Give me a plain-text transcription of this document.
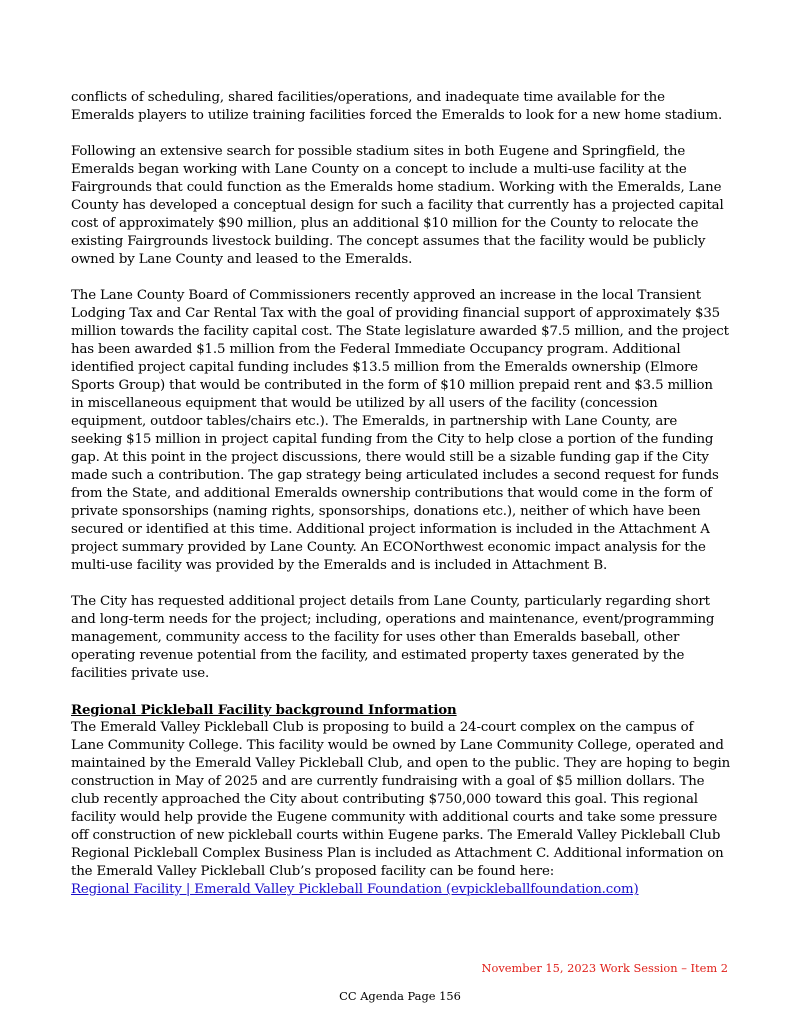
conflicts of scheduling, shared facilities/operations, and inadequate time available for the
Emeralds players to utilize training facilities forced the Emeralds to look for a new home stadium.

Following an extensive search for possible stadium sites in both Eugene and Springfield, the
Emeralds began working with Lane County on a concept to include a multi-use facility at the
Fairgrounds that could function as the Emeralds home stadium. Working with the Emeralds, Lane
County has developed a conceptual design for such a facility that currently has a projected capital
cost of approximately $90 million, plus an additional $10 million for the County to relocate the
existing Fairgrounds livestock building. The concept assumes that the facility would be publicly
owned by Lane County and leased to the Emeralds.

The Lane County Board of Commissioners recently approved an increase in the local Transient
Lodging Tax and Car Rental Tax with the goal of providing financial support of approximately $35
million towards the facility capital cost. The State legislature awarded $7.5 million, and the project
has been awarded $1.5 million from the Federal Immediate Occupancy program. Additional
identified project capital funding includes $13.5 million from the Emeralds ownership (Elmore
Sports Group) that would be contributed in the form of $10 million prepaid rent and $3.5 million
in miscellaneous equipment that would be utilized by all users of the facility (concession
equipment, outdoor tables/chairs etc.). The Emeralds, in partnership with Lane County, are
seeking $15 million in project capital funding from the City to help close a portion of the funding
gap. At this point in the project discussions, there would still be a sizable funding gap if the City
made such a contribution. The gap strategy being articulated includes a second request for funds
from the State, and additional Emeralds ownership contributions that would come in the form of
private sponsorships (naming rights, sponsorships, donations etc.), neither of which have been
secured or identified at this time. Additional project information is included in the Attachment A
project summary provided by Lane County. An ECONorthwest economic impact analysis for the
multi-use facility was provided by the Emeralds and is included in Attachment B.

The City has requested additional project details from Lane County, particularly regarding short
and long-term needs for the project; including, operations and maintenance, event/programming
management, community access to the facility for uses other than Emeralds baseball, other
operating revenue potential from the facility, and estimated property taxes generated by the
facilities private use.

Regional Pickleball Facility background Information

The Emerald Valley Pickleball Club is proposing to build a 24-court complex on the campus of
Lane Community College. This facility would be owned by Lane Community College, operated and
maintained by the Emerald Valley Pickleball Club, and open to the public. They are hoping to begin
construction in May of 2025 and are currently fundraising with a goal of $5 million dollars. The
club recently approached the City about contributing $750,000 toward this goal. This regional
facility would help provide the Eugene community with additional courts and take some pressure
off construction of new pickleball courts within Eugene parks. The Emerald Valley Pickleball Club
Regional Pickleball Complex Business Plan is included as Attachment C. Additional information on
the Emerald Valley Pickleball Club’s proposed facility can be found here:

Regional Facility | Emerald Valley Pickleball Foundation (evpickleballfoundation.com)
November 15, 2023 Work Session – Item 2
CC Agenda Page 156
